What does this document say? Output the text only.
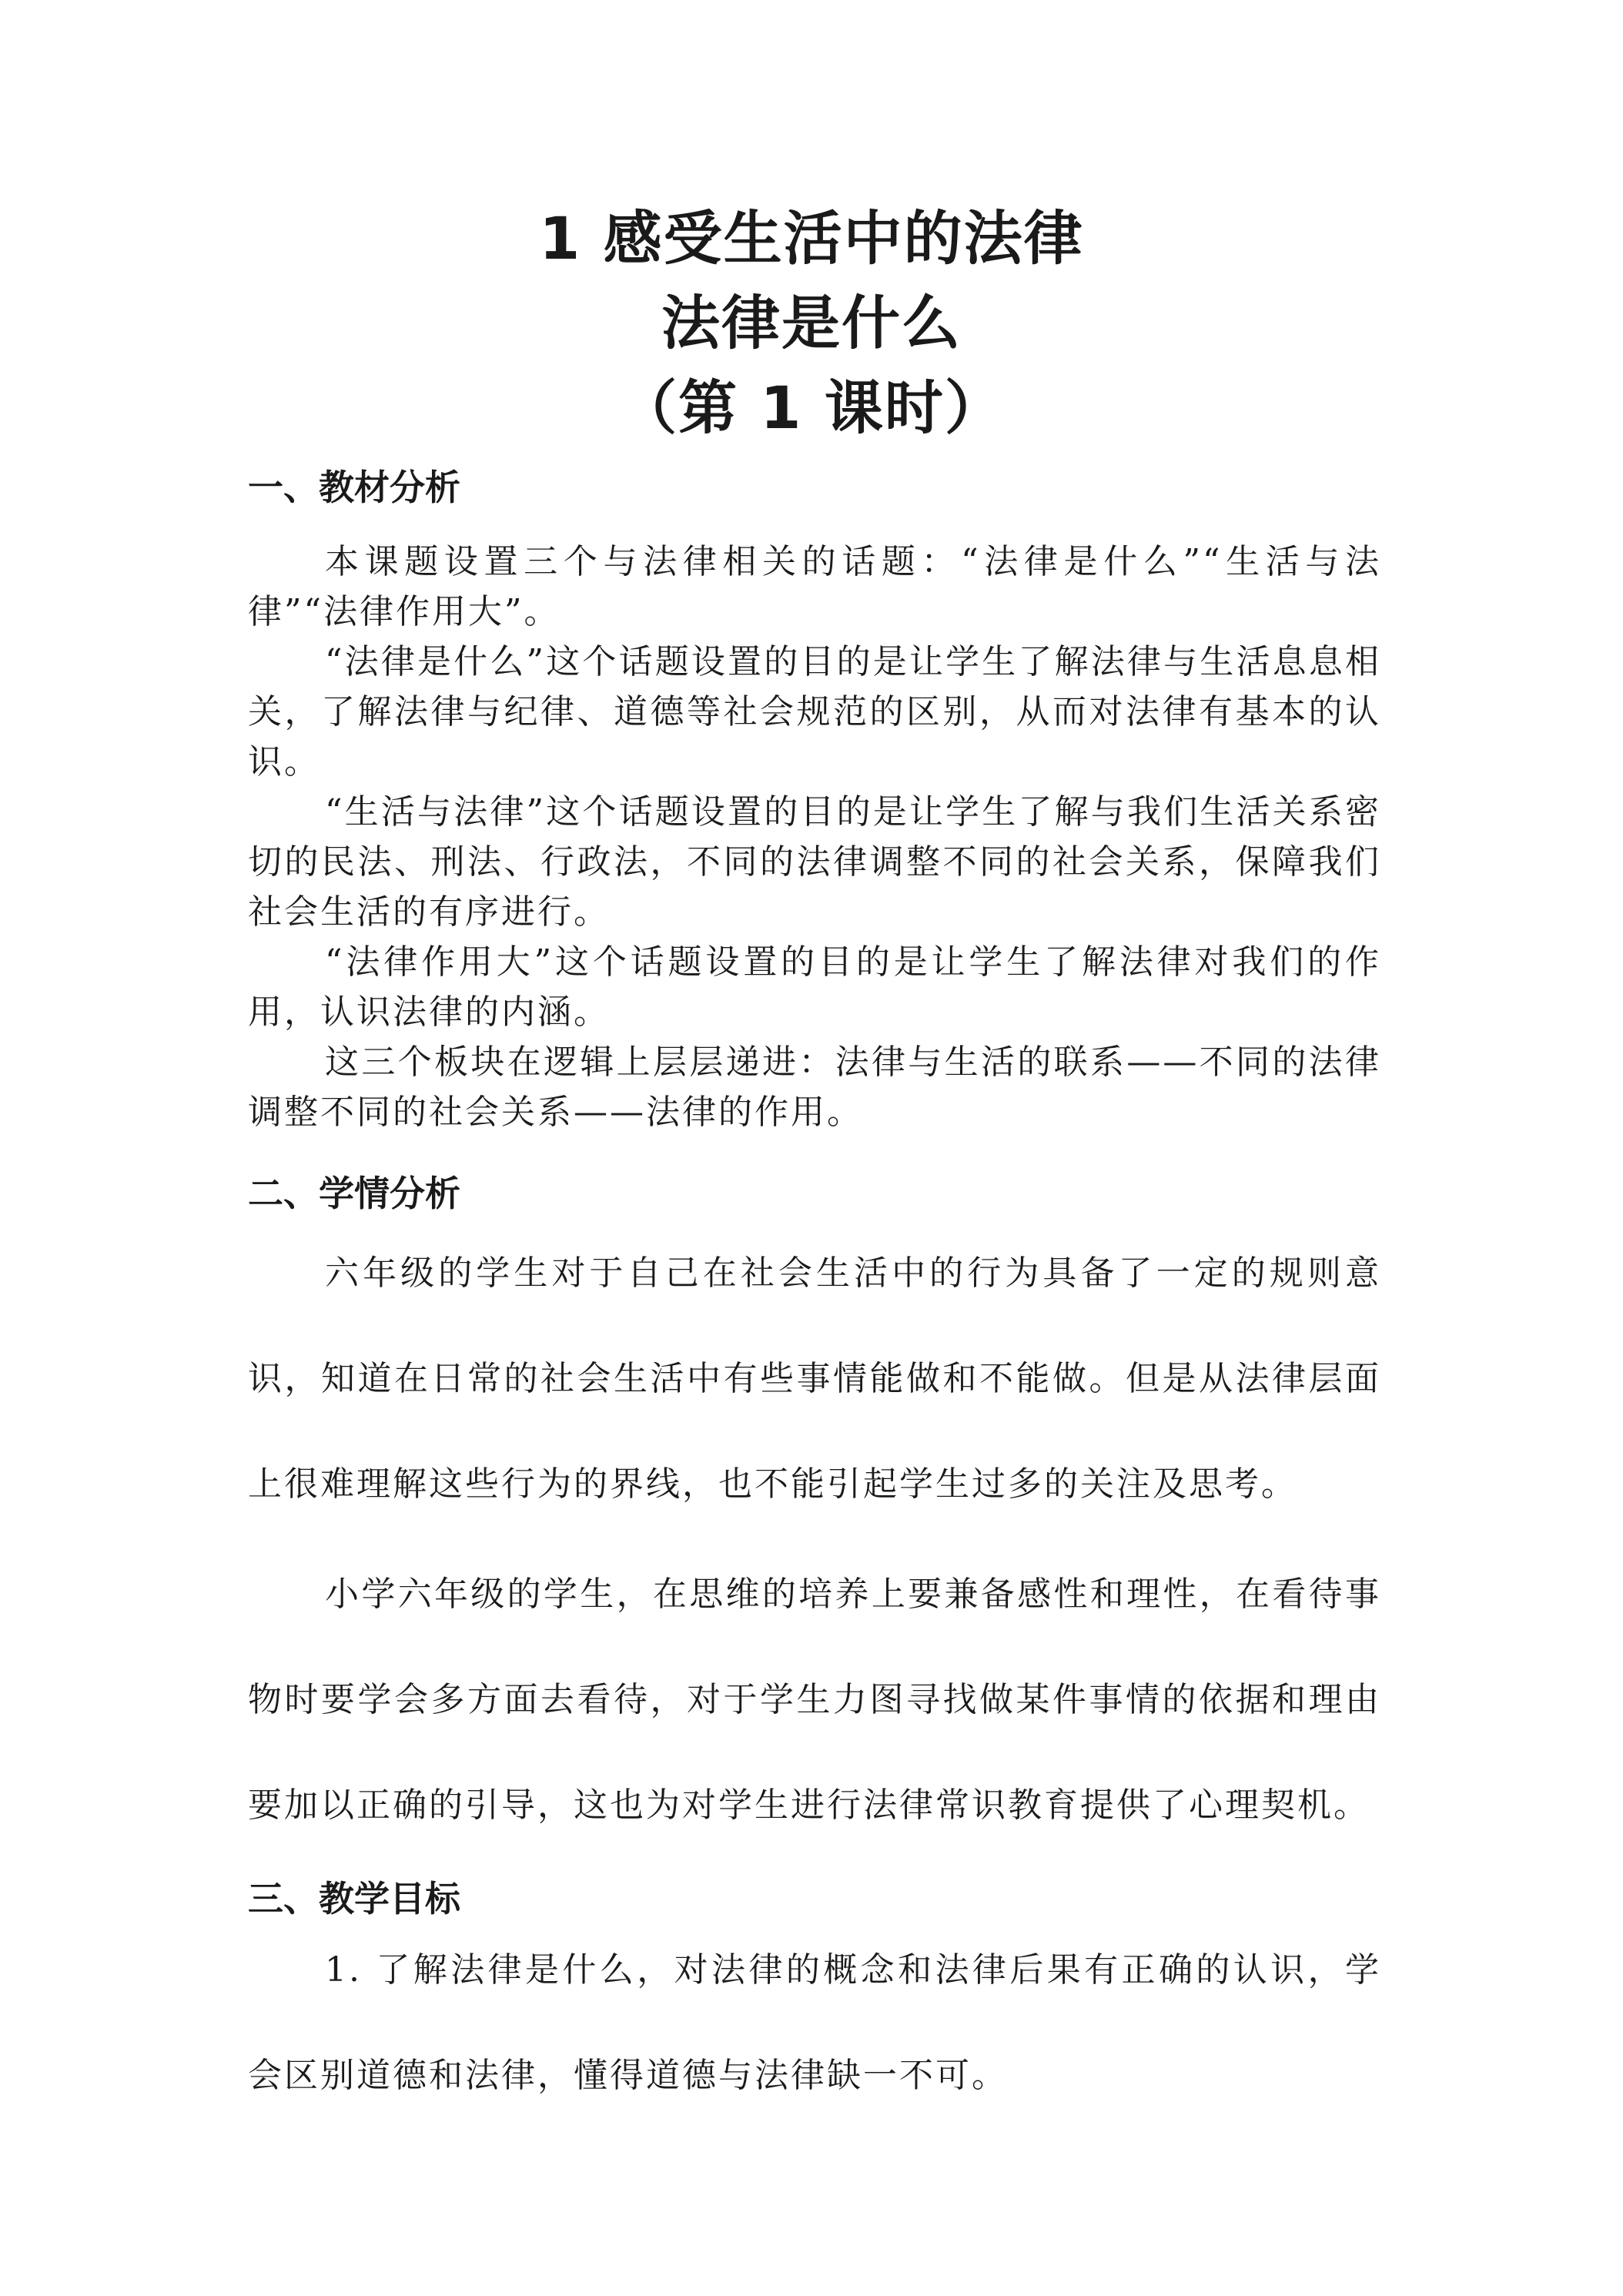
1 感受生活中的法律
法律是什么
（第 1 课时）
一、教材分析

本课题设置三个与法律相关的话题：“法律是什么”“生活与法律”“法律作用大”。

“法律是什么”这个话题设置的目的是让学生了解法律与生活息息相关，了解法律与纪律、道德等社会规范的区别，从而对法律有基本的认识。

“生活与法律”这个话题设置的目的是让学生了解与我们生活关系密切的民法、刑法、行政法，不同的法律调整不同的社会关系，保障我们社会生活的有序进行。

“法律作用大”这个话题设置的目的是让学生了解法律对我们的作用，认识法律的内涵。

这三个板块在逻辑上层层递进：法律与生活的联系——不同的法律调整不同的社会关系——法律的作用。

二、学情分析

六年级的学生对于自己在社会生活中的行为具备了一定的规则意识，知道在日常的社会生活中有些事情能做和不能做。但是从法律层面上很难理解这些行为的界线，也不能引起学生过多的关注及思考。

小学六年级的学生，在思维的培养上要兼备感性和理性，在看待事物时要学会多方面去看待，对于学生力图寻找做某件事情的依据和理由要加以正确的引导，这也为对学生进行法律常识教育提供了心理契机。

三、教学目标

1. 了解法律是什么，对法律的概念和法律后果有正确的认识，学会区别道德和法律，懂得道德与法律缺一不可。
